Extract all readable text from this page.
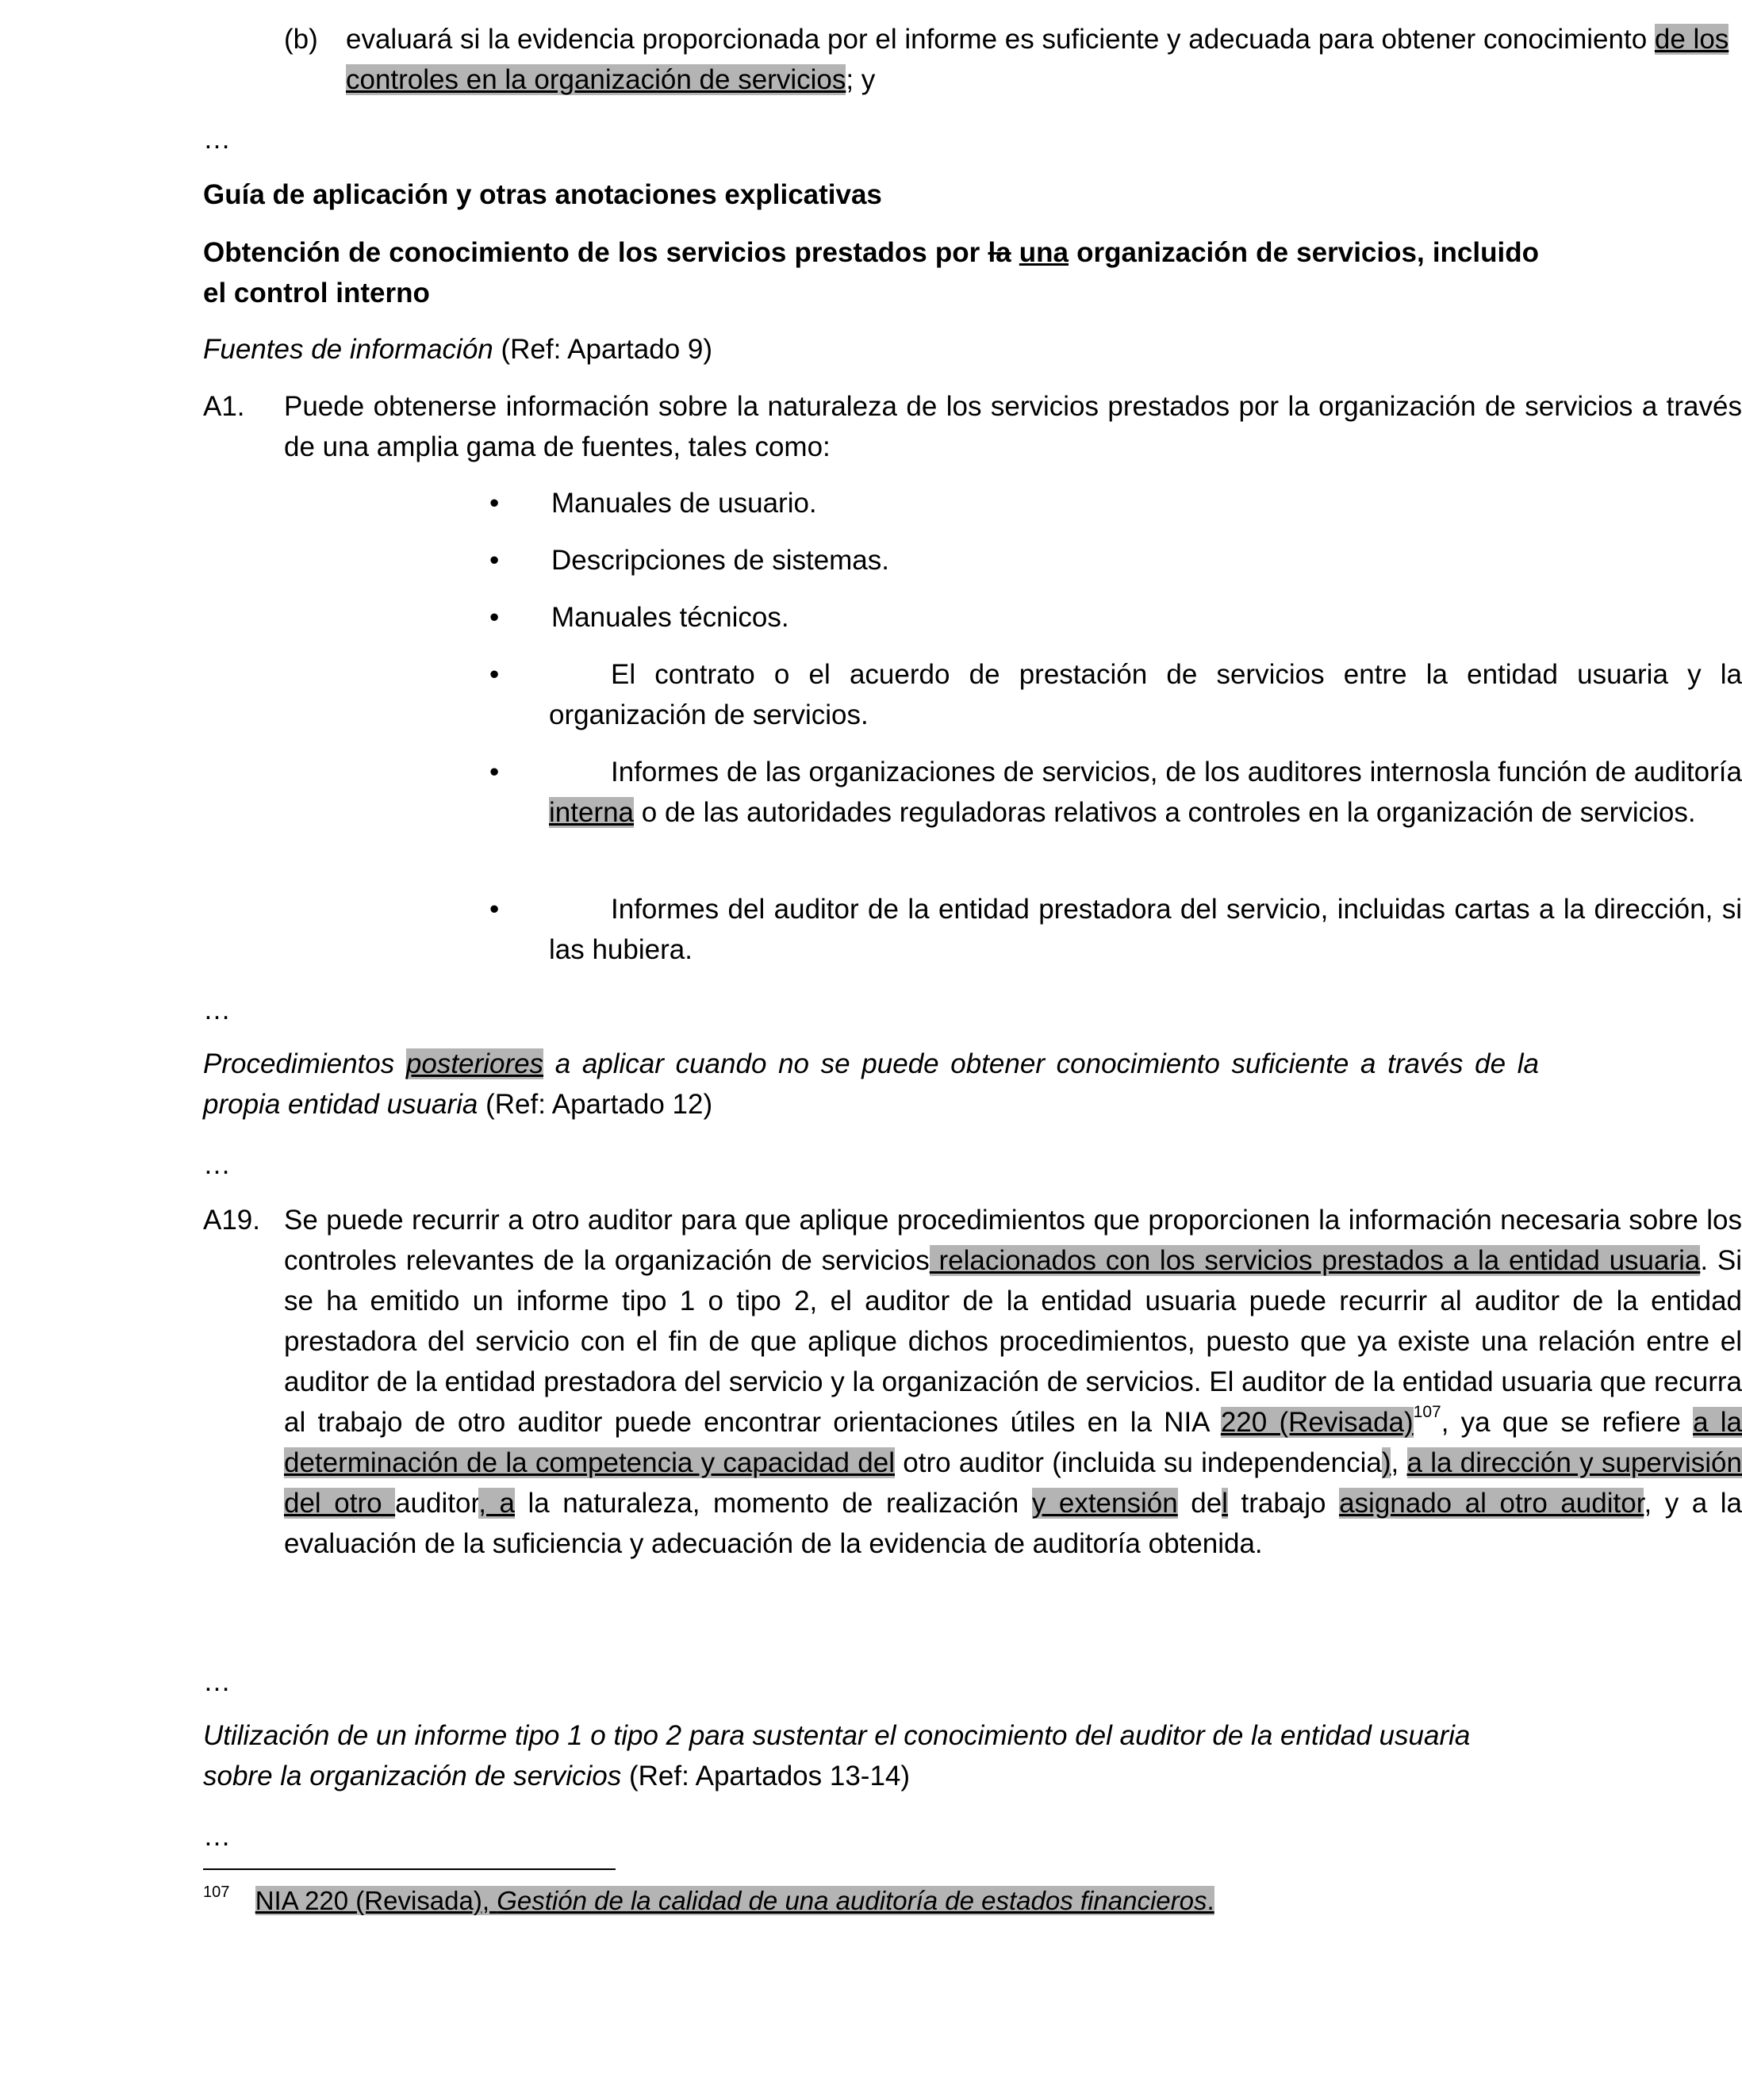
(b) evaluará si la evidencia proporcionada por el informe es suficiente y adecuada para obtener conocimiento de los controles en la organización de servicios; y
…
Guía de aplicación y otras anotaciones explicativas
Obtención de conocimiento de los servicios prestados por la una organización de servicios, incluido el control interno
Fuentes de información (Ref: Apartado 9)
A1. Puede obtenerse información sobre la naturaleza de los servicios prestados por la organización de servicios a través de una amplia gama de fuentes, tales como:
•	Manuales de usuario.
•	Descripciones de sistemas.
•	Manuales técnicos.
•	El contrato o el acuerdo de prestación de servicios entre la entidad usuaria y la organización de servicios.
•	Informes de las organizaciones de servicios, de los auditores internosla función de auditoría interna o de las autoridades reguladoras relativos a controles en la organización de servicios.
•	Informes del auditor de la entidad prestadora del servicio, incluidas cartas a la dirección, si las hubiera.
…
Procedimientos posteriores a aplicar cuando no se puede obtener conocimiento suficiente a través de la propia entidad usuaria (Ref: Apartado 12)
…
A19. Se puede recurrir a otro auditor para que aplique procedimientos que proporcionen la información necesaria sobre los controles relevantes de la organización de servicios relacionados con los servicios prestados a la entidad usuaria. Si se ha emitido un informe tipo 1 o tipo 2, el auditor de la entidad usuaria puede recurrir al auditor de la entidad prestadora del servicio con el fin de que aplique dichos procedimientos, puesto que ya existe una relación entre el auditor de la entidad prestadora del servicio y la organización de servicios. El auditor de la entidad usuaria que recurra al trabajo de otro auditor puede encontrar orientaciones útiles en la NIA 220 (Revisada)$^{107}$, ya que se refiere a la determinación de la competencia y capacidad del otro auditor (incluida su independencia), a la dirección y supervisión del otro auditor, a la naturaleza, momento de realización y extensión del trabajo asignado al otro auditor, y a la evaluación de la suficiencia y adecuación de la evidencia de auditoría obtenida.
…
Utilización de un informe tipo 1 o tipo 2 para sustentar el conocimiento del auditor de la entidad usuaria sobre la organización de servicios (Ref: Apartados 13-14)
…
$^{107}$ NIA 220 (Revisada), Gestión de la calidad de una auditoría de estados financieros.
